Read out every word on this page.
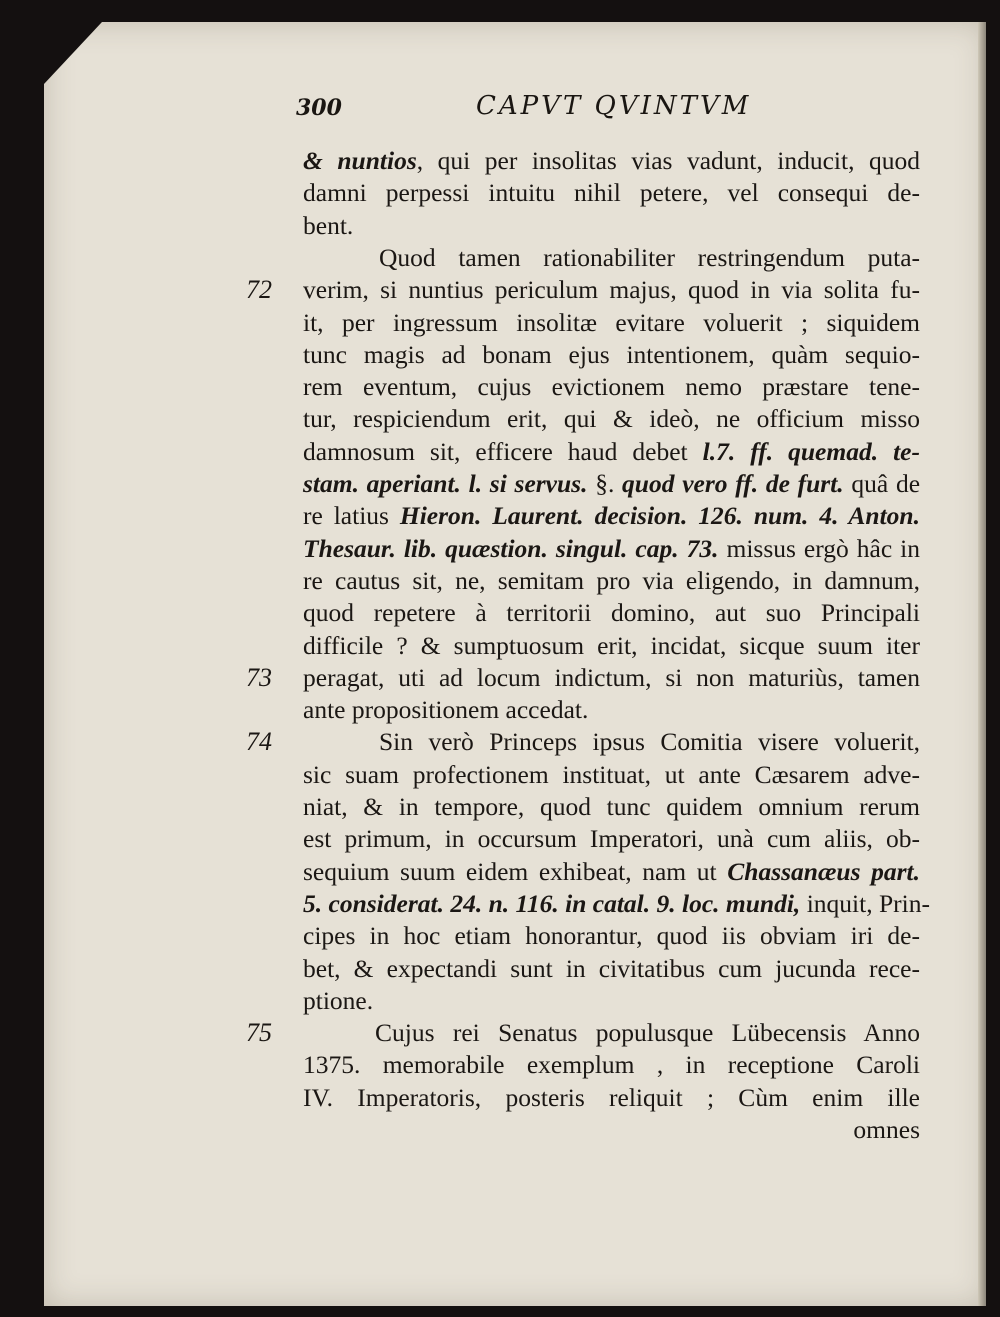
300	CAPVT QVINTVM
& nuntios, qui per insolitas vias vadunt, inducit, quod
damni perpessi intuitu nihil petere, vel consequi de-
bent.
Quod tamen rationabiliter restringendum puta-
verim, si nuntius periculum majus, quod in via solita fu-
it, per ingressum insolitæ evitare voluerit ; siquidem
tunc magis ad bonam ejus intentionem, quàm sequio-
rem eventum, cujus evictionem nemo præstare tene-
tur, respiciendum erit, qui & ideò, ne officium misso
damnosum sit, efficere haud debet l.7. ff. quemad. te-
stam. aperiant. l. si servus. §. quod vero ff. de furt. quâ de
re latius Hieron. Laurent. decision. 126. num. 4. Anton.
Thesaur. lib. quæstion. singul. cap. 73. missus ergò hâc in
re cautus sit, ne, semitam pro via eligendo, in damnum,
quod repetere à territorii domino, aut suo Principali
difficile ? & sumptuosum erit, incidat, sicque suum iter
peragat, uti ad locum indictum, si non maturiùs, tamen
ante propositionem accedat.
Sin verò Princeps ipsus Comitia visere voluerit,
sic suam profectionem instituat, ut ante Cæsarem adve-
niat, & in tempore, quod tunc quidem omnium rerum
est primum, in occursum Imperatori, unà cum aliis, ob-
sequium suum eidem exhibeat, nam ut Chassanæus part.
5. considerat. 24. n. 116. in catal. 9. loc. mundi, inquit, Prin-
cipes in hoc etiam honorantur, quod iis obviam iri de-
bet, & expectandi sunt in civitatibus cum jucunda rece-
ptione.
Cujus rei Senatus populusque Lübecensis Anno
1375. memorabile exemplum , in receptione Caroli
IV. Imperatoris, posteris reliquit ; Cùm enim ille
omnes
72
73
74
75
